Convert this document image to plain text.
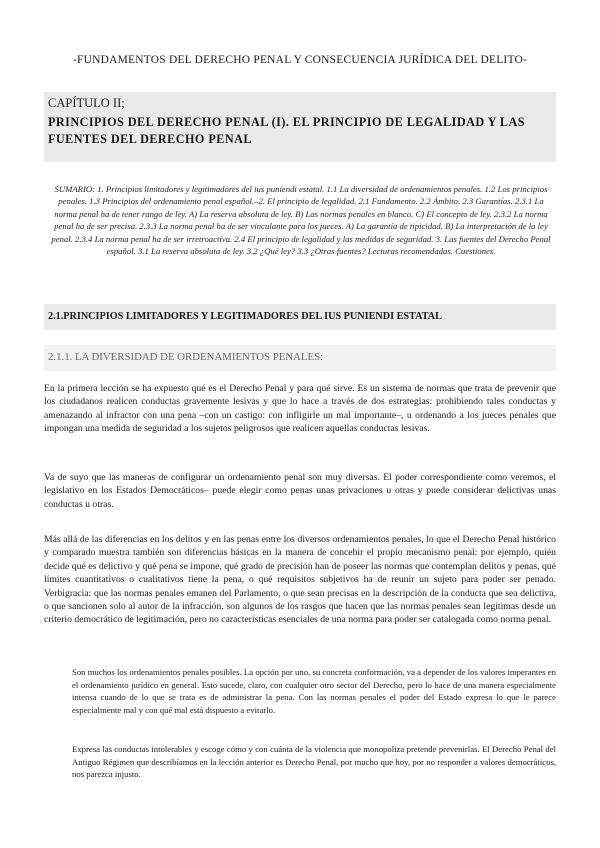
-FUNDAMENTOS DEL DERECHO PENAL Y CONSECUENCIA JURÍDICA DEL DELITO-
CAPÍTULO II;
PRINCIPIOS DEL DERECHO PENAL (I). EL PRINCIPIO DE LEGALIDAD Y LAS FUENTES DEL DERECHO PENAL
SUMARIO: 1. Principios limitadores y legitimadores del ius puniendi estatal. 1.1 La diversidad de ordenamientos penales. 1.2 Los principios penales. 1.3 Principios del ordenamiento penal español.–2. El principio de legalidad. 2.1 Fundamento. 2.2 Ámbito. 2.3 Garantías. 2.3.1 La norma penal ha de tener rango de ley. A) La reserva absoluta de ley. B) Las normas penales en blanco. C) El concepto de ley. 2.3.2 La norma penal ha de ser precisa. 2.3.3 La norma penal ha de ser vinculante para los jueces. A) La garantía de tipicidad. B) La interpretación de la ley penal. 2.3.4 La norma penal ha de ser irretroactiva. 2.4 El principio de legalidad y las medidas de seguridad. 3. Las fuentes del Derecho Penal español. 3.1 La reserva absoluta de ley. 3.2 ¿Qué ley? 3.3 ¿Otras fuentes? Lecturas recomendadas. Cuestiones.
2.1.PRINCIPIOS LIMITADORES Y LEGITIMADORES DEL IUS PUNIENDI ESTATAL
2.1.1. LA DIVERSIDAD DE ORDENAMIENTOS PENALES:
En la primera lección se ha expuesto qué es el Derecho Penal y para qué sirve. Es un sistema de normas que trata de prevenir que los ciudadanos realicen conductas gravemente lesivas y que lo hace a través de dos estrategias: prohibiendo tales conductas y amenazando al infractor con una pena –con un castigo: con infligirle un mal importante–, u ordenando a los jueces penales que impongan una medida de seguridad a los sujetos peligrosos que realicen aquellas conductas lesivas.
Va de suyo que las maneras de configurar un ordenamiento penal son muy diversas. El poder correspondiente como veremos, el legislativo en los Estados Democráticos– puede elegir como penas unas privaciones u otras y puede considerar delictivas unas conductas u otras.
Más allá de las diferencias en los delitos y en las penas entre los diversos ordenamientos penales, lo que el Derecho Penal histórico y comparado muestra también son diferencias básicas en la manera de concebir el propio mecanismo penal: por ejemplo, quién decide qué es delictivo y qué pena se impone, qué grado de precisión han de poseer las normas que contemplan delitos y penas, qué límites cuantitativos o cualitativos tiene la pena, o qué requisitos subjetivos ha de reunir un sujeto para poder ser penado. Verbigracia: que las normas penales emanen del Parlamento, o que sean precisas en la descripción de la conducta que sea delictiva, o que sancionen solo al autor de la infracción, son algunos de los rasgos que hacen que las normas penales sean legítimas desde un criterio democrático de legitimación, pero no características esenciales de una norma para poder ser catalogada como norma penal.
Son muchos los ordenamientos penales posibles. La opción por uno, su concreta conformación, va a depender de los valores imperantes en el ordenamiento jurídico en general. Esto sucede, claro, con cualquier otro sector del Derecho, pero lo hace de una manera especialmente intensa cuando de lo que se trata es de administrar la pena. Con las normas penales el poder del Estado expresa lo que le parece especialmente mal y con qué mal está dispuesto a evitarlo.
Expresa las conductas intolerables y escoge cómo y con cuánta de la violencia que monopoliza pretende prevenirlas. El Derecho Penal del Antiguo Régimen que describíamos en la lección anterior es Derecho Penal, por mucho que hoy, por no responder a valores democráticos, nos parezca injusto.
